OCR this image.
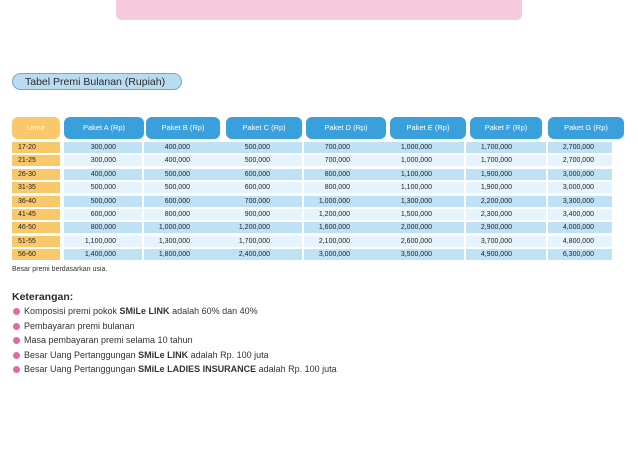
Tabel Premi Bulanan (Rupiah)
Umur	Paket A (Rp)	Paket B (Rp)	Paket C (Rp)	Paket D (Rp)	Paket E (Rp)	Paket F (Rp)	Paket G (Rp)
17-20	300,000	400,000	500,000	700,000	1,000,000	1,700,000	2,700,000
21-25	300,000	400,000	500,000	700,000	1,000,000	1,700,000	2,700,000
26-30	400,000	500,000	600,000	800,000	1,100,000	1,900,000	3,000,000
31-35	500,000	500,000	600,000	800,000	1,100,000	1,900,000	3,000,000
36-40	500,000	600,000	700,000	1,000,000	1,300,000	2,200,000	3,300,000
41-45	600,000	800,000	900,000	1,200,000	1,500,000	2,300,000	3,400,000
46-50	800,000	1,000,000	1,200,000	1,600,000	2,000,000	2,900,000	4,000,000
51-55	1,100,000	1,300,000	1,700,000	2,100,000	2,600,000	3,700,000	4,800,000
56-60	1,400,000	1,800,000	2,400,000	3,000,000	3,500,000	4,900,000	6,300,000
Besar premi berdasarkan usia.
Keterangan:
Komposisi premi pokok SMiLe LINK adalah 60% dan 40%
Pembayaran premi bulanan
Masa pembayaran premi selama 10 tahun
Besar Uang Pertanggungan SMiLe LINK adalah Rp. 100 juta
Besar Uang Pertanggungan SMiLe LADIES INSURANCE adalah Rp. 100 juta
